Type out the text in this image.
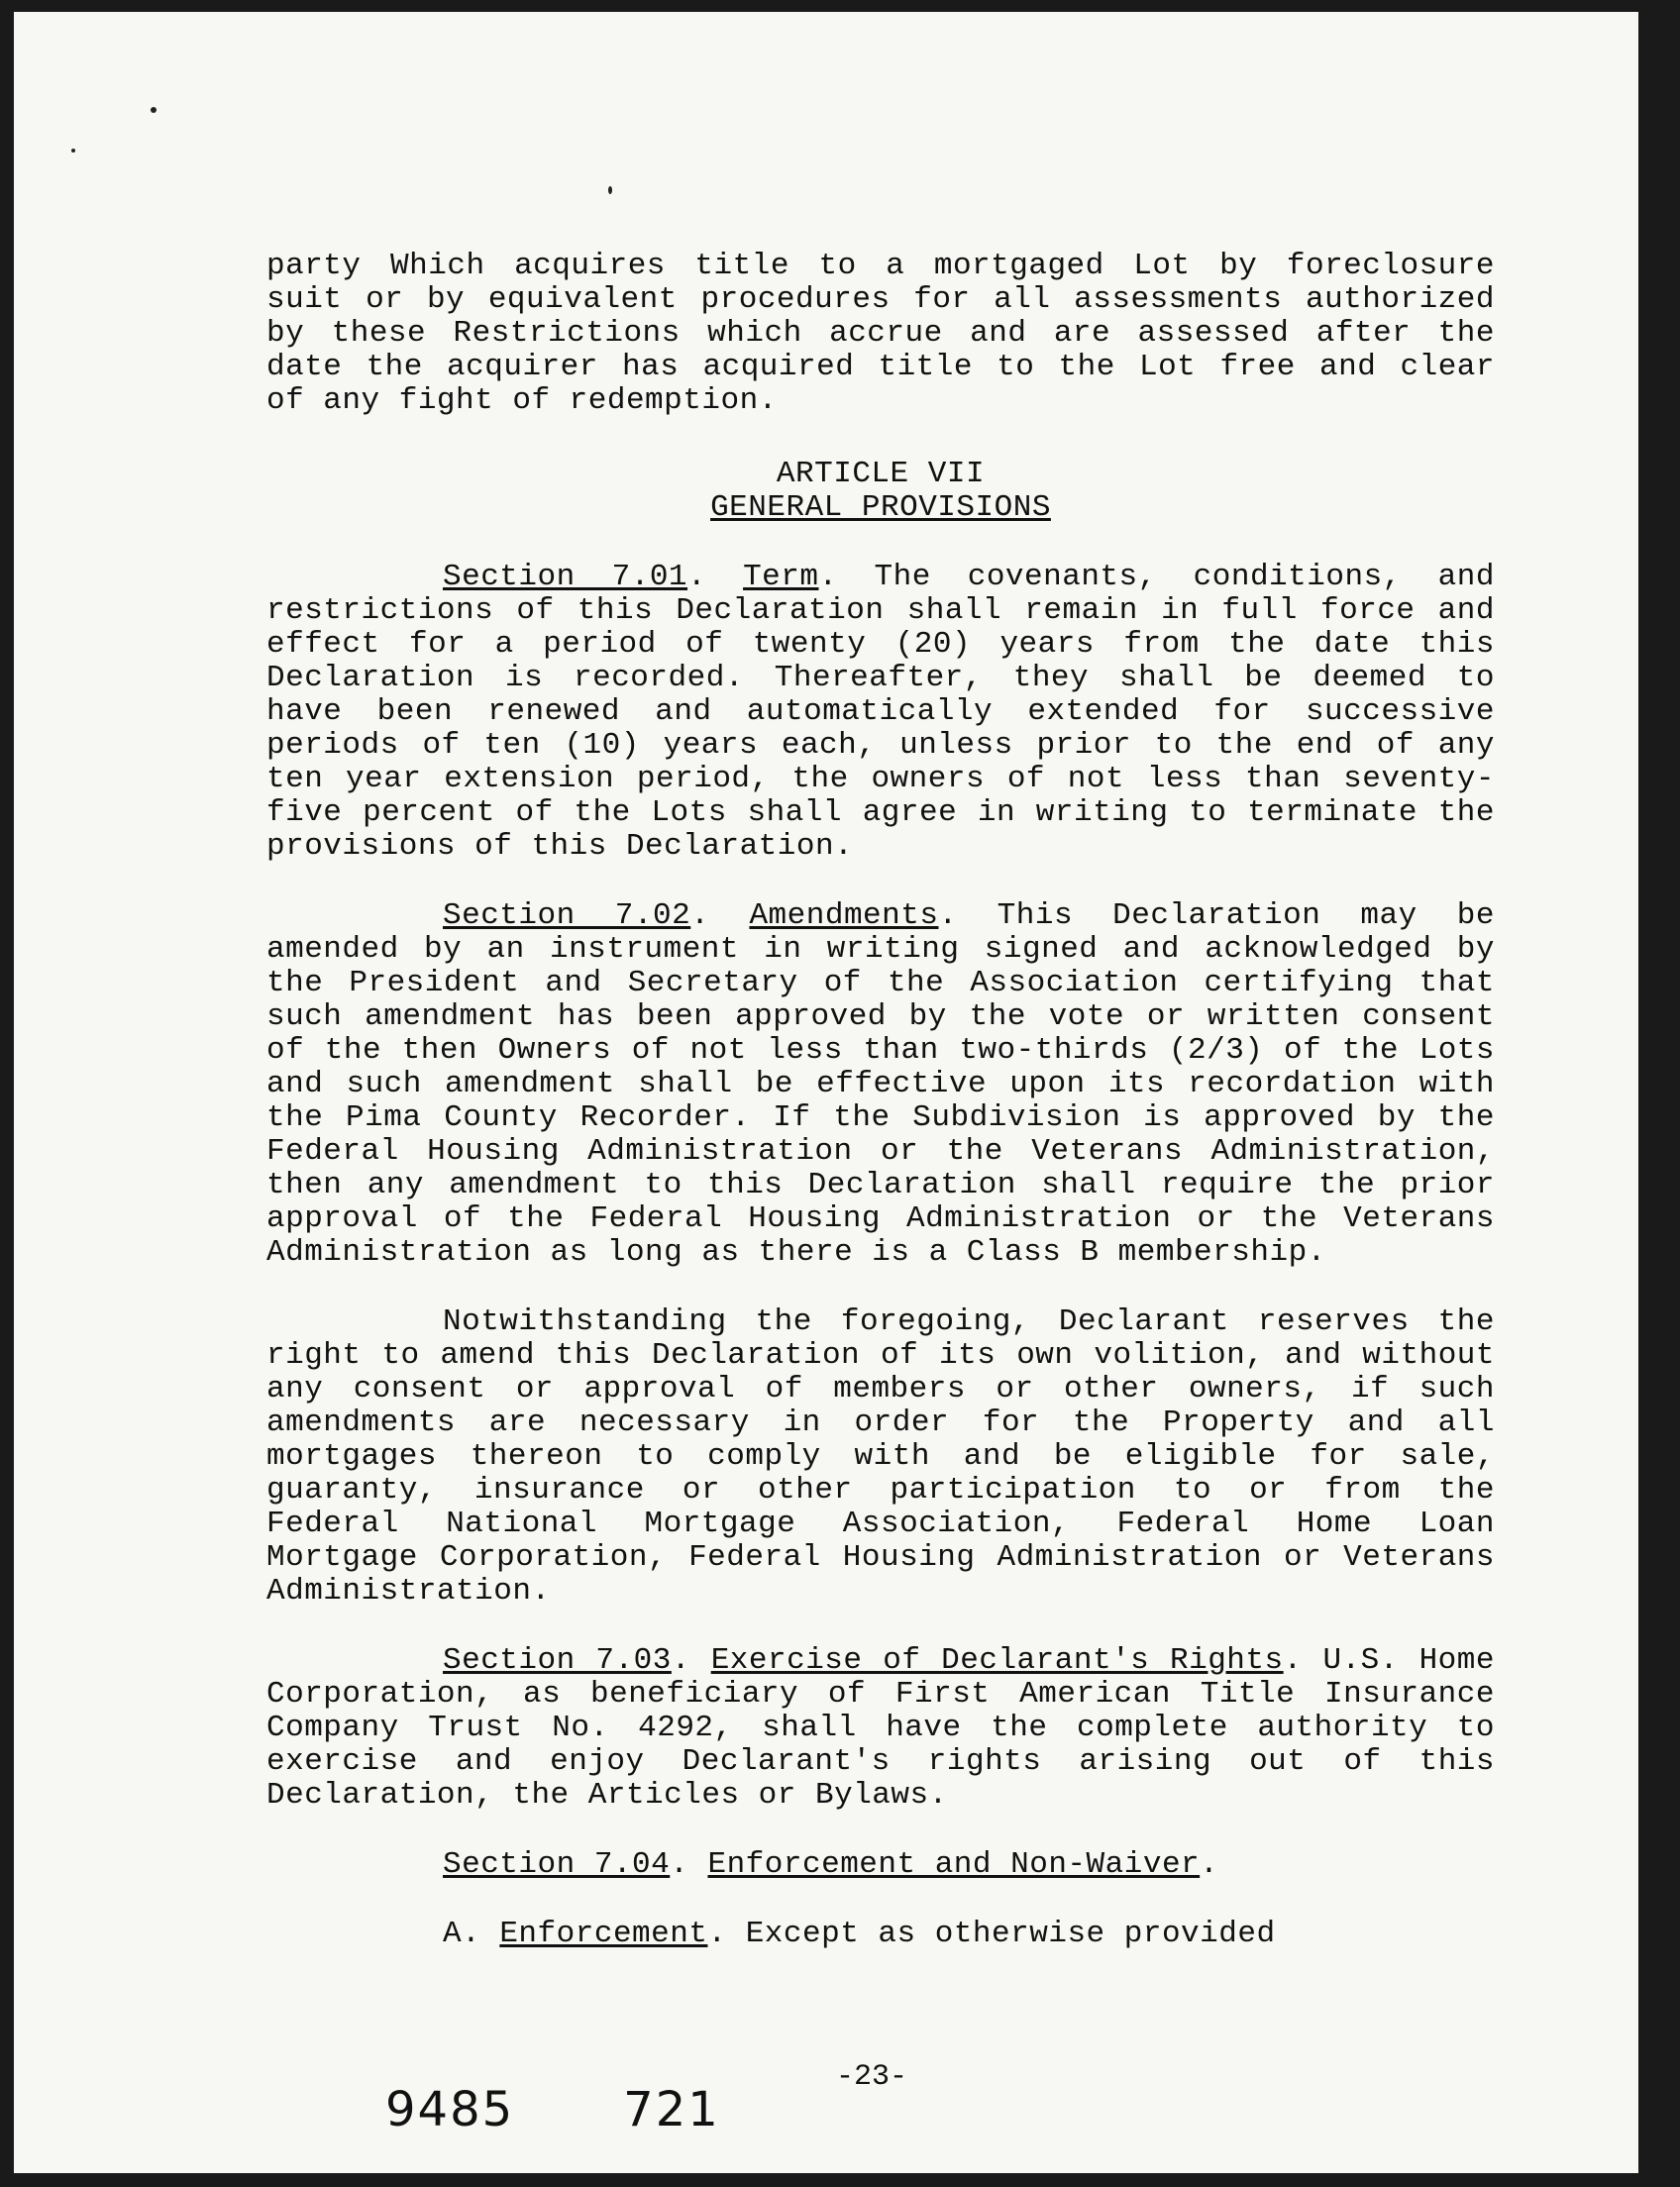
party Which acquires title to a mortgaged Lot by foreclosure suit or by equivalent procedures for all assessments authorized by these Restrictions which accrue and are assessed after the date the acquirer has acquired title to the Lot free and clear of any fight of redemption.

ARTICLE VII

GENERAL PROVISIONS

Section 7.01. Term. The covenants, conditions, and restrictions of this Declaration shall remain in full force and effect for a period of twenty (20) years from the date this Declaration is recorded. Thereafter, they shall be deemed to have been renewed and automatically extended for successive periods of ten (10) years each, unless prior to the end of any ten year extension period, the owners of not less than seventy-five percent of the Lots shall agree in writing to terminate the provisions of this Declaration.

Section 7.02. Amendments. This Declaration may be amended by an instrument in writing signed and acknowledged by the President and Secretary of the Association certifying that such amendment has been approved by the vote or written consent of the then Owners of not less than two-thirds (2/3) of the Lots and such amendment shall be effective upon its recordation with the Pima County Recorder. If the Subdivision is approved by the Federal Housing Administration or the Veterans Administration, then any amendment to this Declaration shall require the prior approval of the Federal Housing Administration or the Veterans Administration as long as there is a Class B membership.

Notwithstanding the foregoing, Declarant reserves the right to amend this Declaration of its own volition, and without any consent or approval of members or other owners, if such amendments are necessary in order for the Property and all mortgages thereon to comply with and be eligible for sale, guaranty, insurance or other participation to or from the Federal National Mortgage Association, Federal Home Loan Mortgage Corporation, Federal Housing Administration or Veterans Administration.

Section 7.03. Exercise of Declarant's Rights. U.S. Home Corporation, as beneficiary of First American Title Insurance Company Trust No. 4292, shall have the complete authority to exercise and enjoy Declarant's rights arising out of this Declaration, the Articles or Bylaws.

Section 7.04. Enforcement and Non-Waiver.

A. Enforcement. Except as otherwise provided

-23-
9485 721
